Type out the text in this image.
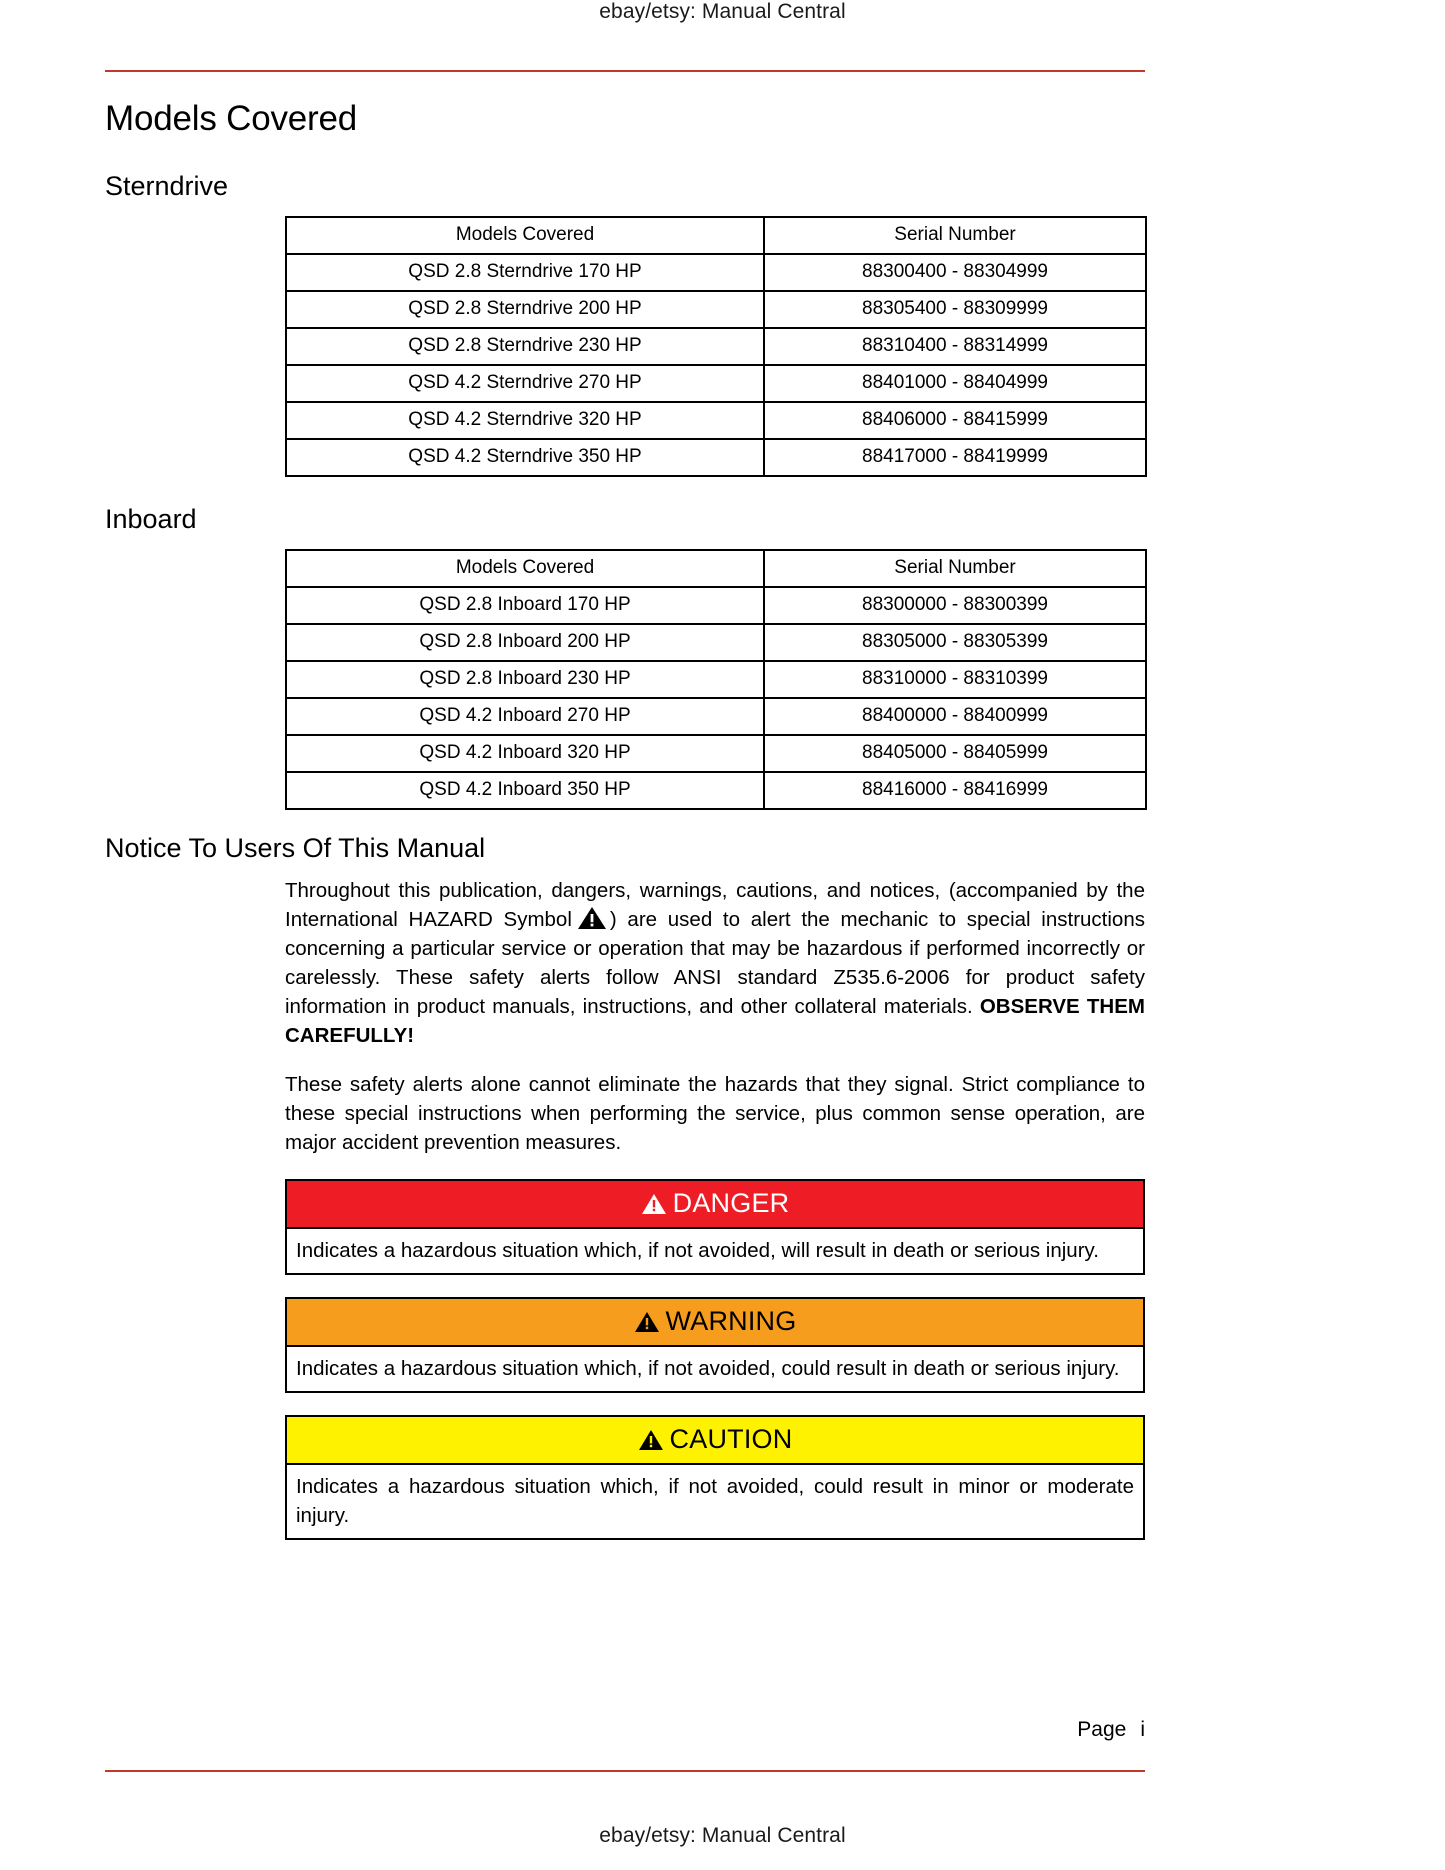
ebay/etsy: Manual Central
Models Covered
Sterndrive
Models Covered	Serial Number
QSD 2.8 Sterndrive 170 HP	88300400 - 88304999
QSD 2.8 Sterndrive 200 HP	88305400 - 88309999
QSD 2.8 Sterndrive 230 HP	88310400 - 88314999
QSD 4.2 Sterndrive 270 HP	88401000 - 88404999
QSD 4.2 Sterndrive 320 HP	88406000 - 88415999
QSD 4.2 Sterndrive 350 HP	88417000 - 88419999
Inboard
Models Covered	Serial Number
QSD 2.8 Inboard 170 HP	88300000 - 88300399
QSD 2.8 Inboard 200 HP	88305000 - 88305399
QSD 2.8 Inboard 230 HP	88310000 - 88310399
QSD 4.2 Inboard 270 HP	88400000 - 88400999
QSD 4.2 Inboard 320 HP	88405000 - 88405999
QSD 4.2 Inboard 350 HP	88416000 - 88416999
Notice To Users Of This Manual

Throughout this publication, dangers, warnings, cautions, and notices, (accompanied by the International HAZARD Symbol ) are used to alert the mechanic to special instructions concerning a particular service or operation that may be hazardous if performed incorrectly or carelessly. These safety alerts follow ANSI standard Z535.6-2006 for product safety information in product manuals, instructions, and other collateral materials. OBSERVE THEM CAREFULLY!

These safety alerts alone cannot eliminate the hazards that they signal. Strict compliance to these special instructions when performing the service, plus common sense operation, are major accident prevention measures.

DANGER
Indicates a hazardous situation which, if not avoided, will result in death or serious injury.
WARNING
Indicates a hazardous situation which, if not avoided, could result in death or serious injury.
CAUTION
Indicates a hazardous situation which, if not avoided, could result in minor or moderate injury.
Page i
ebay/etsy: Manual Central
